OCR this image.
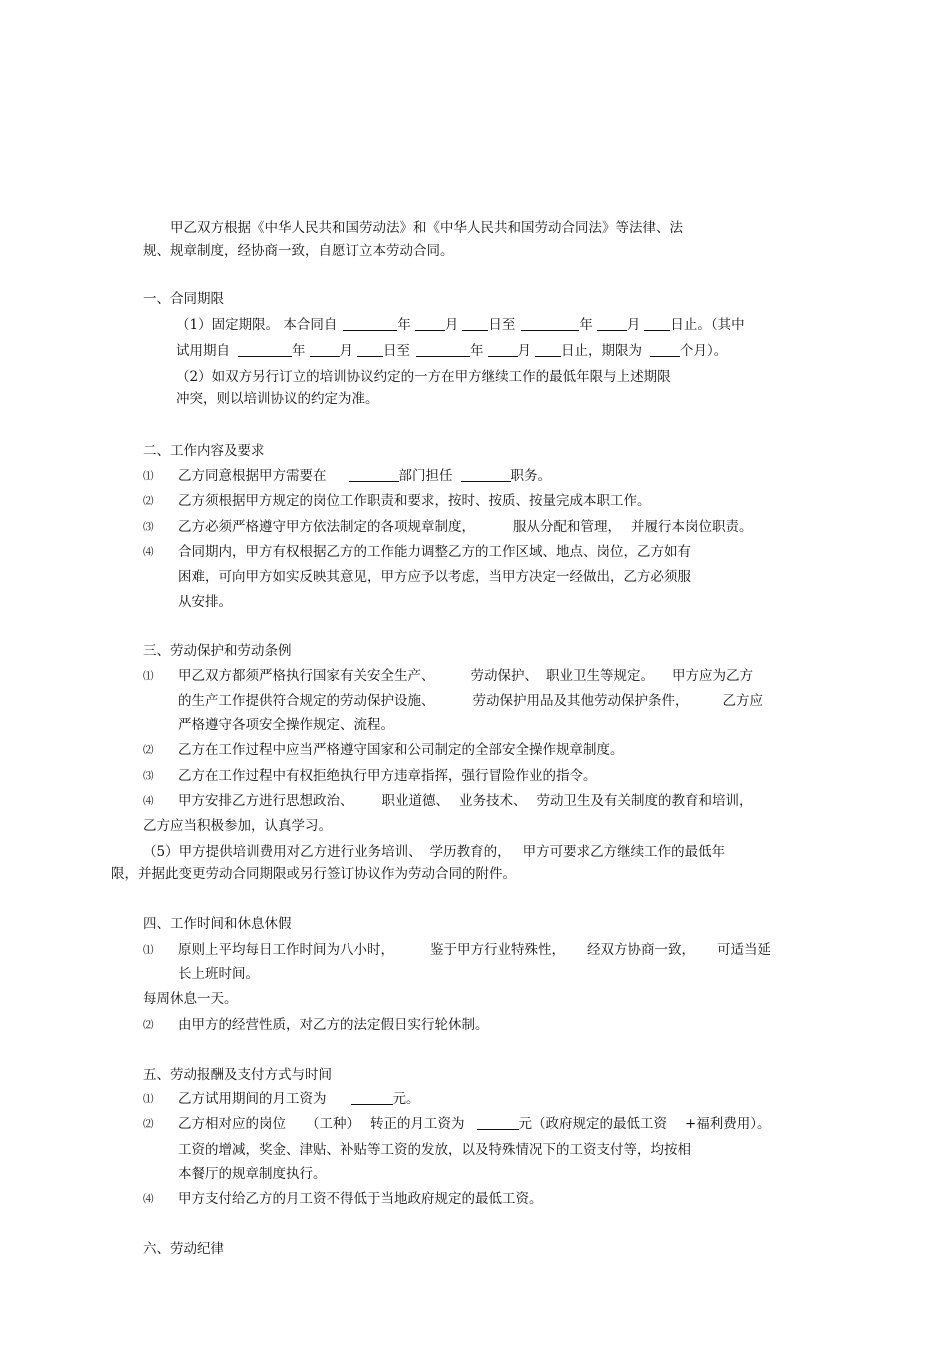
甲乙双方根据《中华人民共和国劳动法》和《中华人民共和国劳动合同法》等法律、法
规、规章制度，经协商一致，自愿订立本劳动合同。
一、合同期限
（1）固定期限。 本合同自	年	月 日至	年	月 日止。（其中
试用期自	年	月 日至	年	月 日止，期限为	个月）。
（2）如双方另行订立的培训协议约定的一方在甲方继续工作的最低年限与上述期限
冲突，则以培训协议的约定为准。
二、工作内容及要求
⑴ 乙方同意根据甲方需要在	部门担任	职务。
⑵ 乙方须根据甲方规定的岗位工作职责和要求，按时、按质、按量完成本职工作。
⑶ 乙方必须严格遵守甲方依法制定的各项规章制度，	服从分配和管理， 并履行本岗位职责。
⑷ 合同期内，甲方有权根据乙方的工作能力调整乙方的工作区域、地点、岗位，乙方如有
困难，可向甲方如实反映其意见，甲方应予以考虑，当甲方决定一经做出，乙方必须服
从安排。
三、劳动保护和劳动条例
⑴ 甲乙双方都须严格执行国家有关安全生产、	劳动保护、 职业卫生等规定。 甲方应为乙方
的生产工作提供符合规定的劳动保护设施、	劳动保护用品及其他劳动保护条件，	乙方应
严格遵守各项安全操作规定、流程。
⑵ 乙方在工作过程中应当严格遵守国家和公司制定的全部安全操作规章制度。
⑶ 乙方在工作过程中有权拒绝执行甲方违章指挥，强行冒险作业的指令。
⑷ 甲方安排乙方进行思想政治、 职业道德、 业务技术、 劳动卫生及有关制度的教育和培训，
乙方应当积极参加，认真学习。
（5）甲方提供培训费用对乙方进行业务培训、 学历教育的， 甲方可要求乙方继续工作的最低年
限，并据此变更劳动合同期限或另行签订协议作为劳动合同的附件。
四、工作时间和休息休假
⑴ 原则上平均每日工作时间为八小时，	鉴于甲方行业特殊性， 经双方协商一致， 可适当延
长上班时间。
每周休息一天。
⑵ 由甲方的经营性质，对乙方的法定假日实行轮休制。
五、劳动报酬及支付方式与时间
⑴ 乙方试用期间的月工资为	元。
⑵ 乙方相对应的岗位 （工种） 转正的月工资为	元（政府规定的最低工资 +福利费用）。
工资的增减，奖金、津贴、补贴等工资的发放，以及特殊情况下的工资支付等，均按相
本餐厅的规章制度执行。
⑷ 甲方支付给乙方的月工资不得低于当地政府规定的最低工资。
六、劳动纪律
